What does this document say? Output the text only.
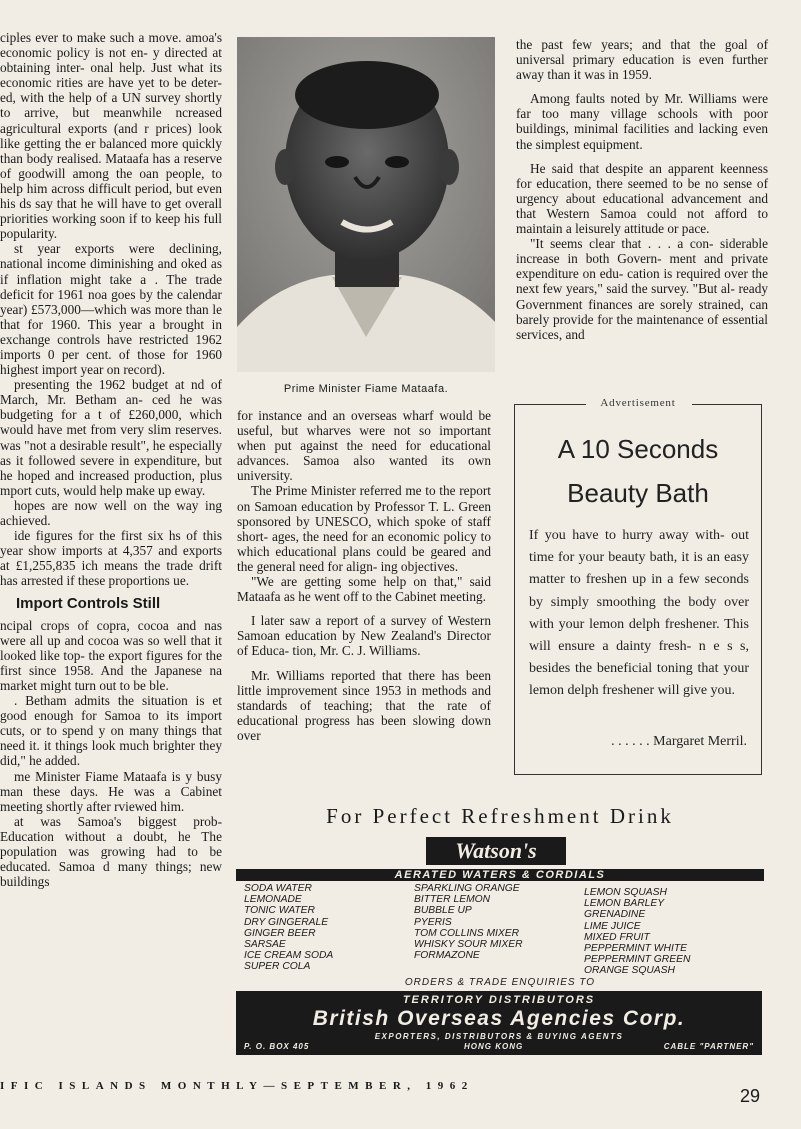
ciples ever to make such a move. amoa's economic policy is not en- y directed at obtaining inter- onal help. Just what its economic rities are have yet to be deter- ed, with the help of a UN survey shortly to arrive, but meanwhile ncreased agricultural exports (and r prices) look like getting the er balanced more quickly than body realised. Mataafa has a reserve of goodwill among the oan people, to help him across difficult period, but even his ds say that he will have to get overall priorities working soon if to keep his full popularity.

st year exports were declining, national income diminishing and oked as if inflation might take a . The trade deficit for 1961 noa goes by the calendar year) £573,000—which was more than le that for 1960. This year a brought in exchange controls have restricted 1962 imports 0 per cent. of those for 1960 highest import year on record).

presenting the 1962 budget at nd of March, Mr. Betham an- ced he was budgeting for a t of £260,000, which would have met from very slim reserves. was "not a desirable result", he especially as it followed severe in expenditure, but he hoped and increased production, plus mport cuts, would help make up eway.

hopes are now well on the way ing achieved.

ide figures for the first six hs of this year show imports at 4,357 and exports at £1,255,835 ich means the trade drift has arrested if these proportions ue.

Import Controls Still

ncipal crops of copra, cocoa and nas were all up and cocoa was so well that it looked like top- the export figures for the first since 1958. And the Japanese na market might turn out to be ble.

. Betham admits the situation is et good enough for Samoa to its import cuts, or to spend y on many things that need it. it things look much brighter they did," he added.

me Minister Fiame Mataafa is y busy man these days. He was a Cabinet meeting shortly after rviewed him.

at was Samoa's biggest prob- Education without a doubt, he The population was growing had to be educated. Samoa d many things; new buildings

Prime Minister Fiame Mataafa.

for instance and an overseas wharf would be useful, but wharves were not so important when put against the need for educational advances. Samoa also wanted its own university.

The Prime Minister referred me to the report on Samoan education by Professor T. L. Green sponsored by UNESCO, which spoke of staff short- ages, the need for an economic policy to which educational plans could be geared and the general need for align- ing objectives.

"We are getting some help on that," said Mataafa as he went off to the Cabinet meeting.

I later saw a report of a survey of Western Samoan education by New Zealand's Director of Educa- tion, Mr. C. J. Williams.

Mr. Williams reported that there has been little improvement since 1953 in methods and standards of teaching; that the rate of educational progress has been slowing down over

the past few years; and that the goal of universal primary education is even further away than it was in 1959.

Among faults noted by Mr. Williams were far too many village schools with poor buildings, minimal facilities and lacking even the simplest equipment.

He said that despite an apparent keenness for education, there seemed to be no sense of urgency about educational advancement and that Western Samoa could not afford to maintain a leisurely attitude or pace.

"It seems clear that . . . a con- siderable increase in both Govern- ment and private expenditure on edu- cation is required over the next few years," said the survey. "But al- ready Government finances are sorely strained, can barely provide for the maintenance of essential services, and

Advertisement
A 10 Seconds
Beauty Bath
If you have to hurry away with- out time for your beauty bath, it is an easy matter to freshen up in a few seconds by simply smoothing the body over with your lemon delph freshener. This will ensure a dainty fresh- n e s s, besides the beneficial toning that your lemon delph freshener will give you.
. . . . . . Margaret Merril.
For Perfect Refreshment Drink
Watson's
AERATED WATERS & CORDIALS
SODA WATER
LEMONADE
TONIC WATER
DRY GINGERALE
GINGER BEER
SARSAE
ICE CREAM SODA
SUPER COLA
SPARKLING ORANGE
BITTER LEMON
BUBBLE UP
PYERIS
TOM COLLINS MIXER
WHISKY SOUR MIXER
FORMAZONE
LEMON SQUASH
LEMON BARLEY
GRENADINE
LIME JUICE
MIXED FRUIT
PEPPERMINT WHITE
PEPPERMINT GREEN
ORANGE SQUASH
ORDERS & TRADE ENQUIRIES TO
TERRITORY DISTRIBUTORS
British Overseas Agencies Corp.
EXPORTERS, DISTRIBUTORS & BUYING AGENTS
P. O. BOX 405	HONG KONG	CABLE "PARTNER"
IFIC ISLANDS MONTHLY—SEPTEMBER, 1962	29
